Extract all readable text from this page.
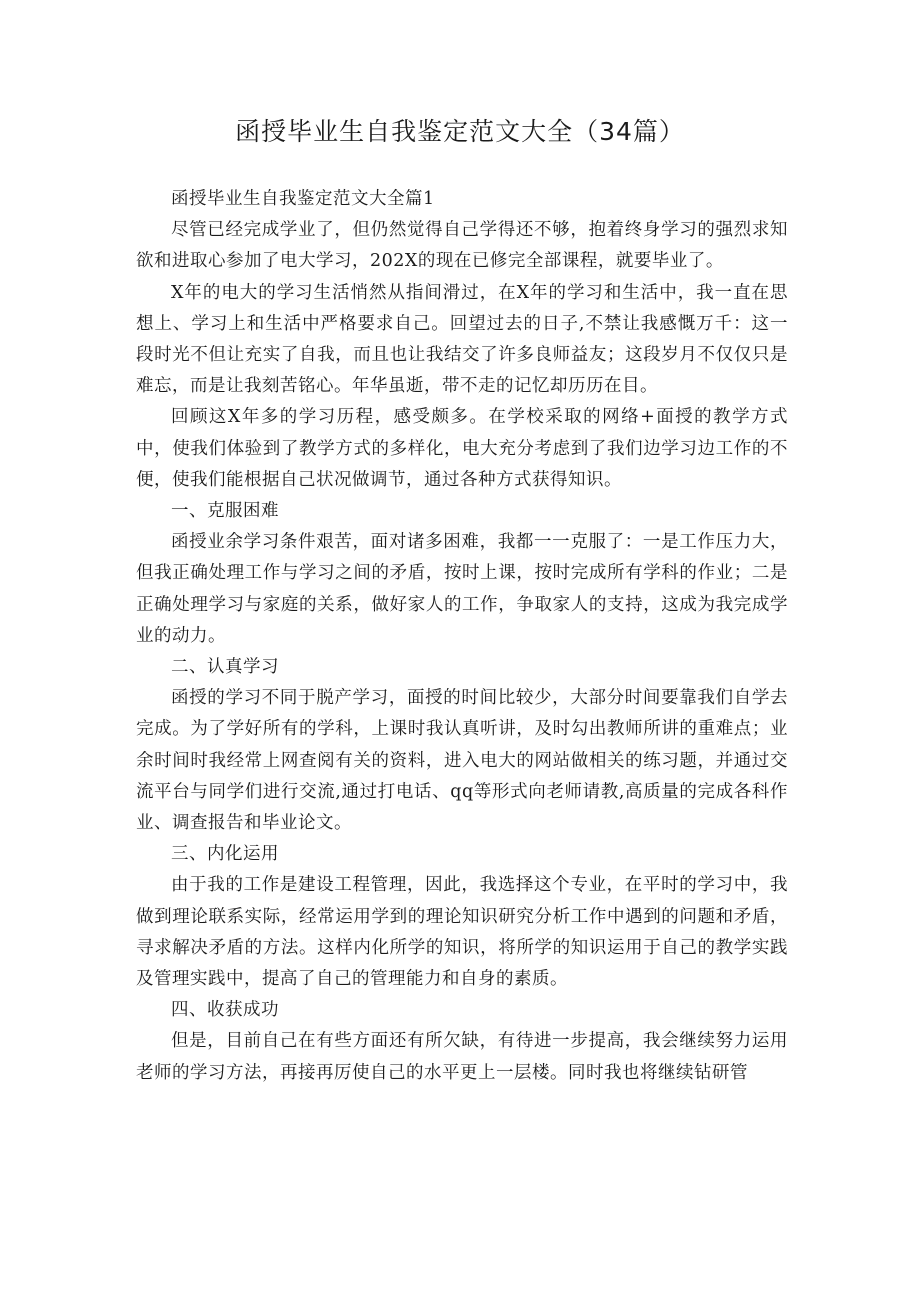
函授毕业生自我鉴定范文大全（34篇）

函授毕业生自我鉴定范文大全篇1

尽管已经完成学业了，但仍然觉得自己学得还不够，抱着终身学习的强烈求知欲和进取心参加了电大学习，202X的现在已修完全部课程，就要毕业了。

X年的电大的学习生活悄然从指间滑过，在X年的学习和生活中，我一直在思想上、学习上和生活中严格要求自己。回望过去的日子,不禁让我感慨万千：这一段时光不但让充实了自我，而且也让我结交了许多良师益友；这段岁月不仅仅只是难忘，而是让我刻苦铭心。年华虽逝，带不走的记忆却历历在目。

回顾这X年多的学习历程，感受颇多。在学校采取的网络+面授的教学方式中，使我们体验到了教学方式的多样化，电大充分考虑到了我们边学习边工作的不便，使我们能根据自己状况做调节，通过各种方式获得知识。

一、克服困难

函授业余学习条件艰苦，面对诸多困难，我都一一克服了：一是工作压力大，但我正确处理工作与学习之间的矛盾，按时上课，按时完成所有学科的作业；二是正确处理学习与家庭的关系，做好家人的工作，争取家人的支持，这成为我完成学业的动力。

二、认真学习

函授的学习不同于脱产学习，面授的时间比较少，大部分时间要靠我们自学去完成。为了学好所有的学科，上课时我认真听讲，及时勾出教师所讲的重难点；业余时间时我经常上网查阅有关的资料，进入电大的网站做相关的练习题，并通过交流平台与同学们进行交流,通过打电话、qq等形式向老师请教,高质量的完成各科作业、调查报告和毕业论文。

三、内化运用

由于我的工作是建设工程管理，因此，我选择这个专业，在平时的学习中，我做到理论联系实际，经常运用学到的理论知识研究分析工作中遇到的问题和矛盾，寻求解决矛盾的方法。这样内化所学的知识，将所学的知识运用于自己的教学实践及管理实践中，提高了自己的管理能力和自身的素质。

四、收获成功

但是，目前自己在有些方面还有所欠缺，有待进一步提高，我会继续努力运用老师的学习方法，再接再厉使自己的水平更上一层楼。同时我也将继续钻研管
